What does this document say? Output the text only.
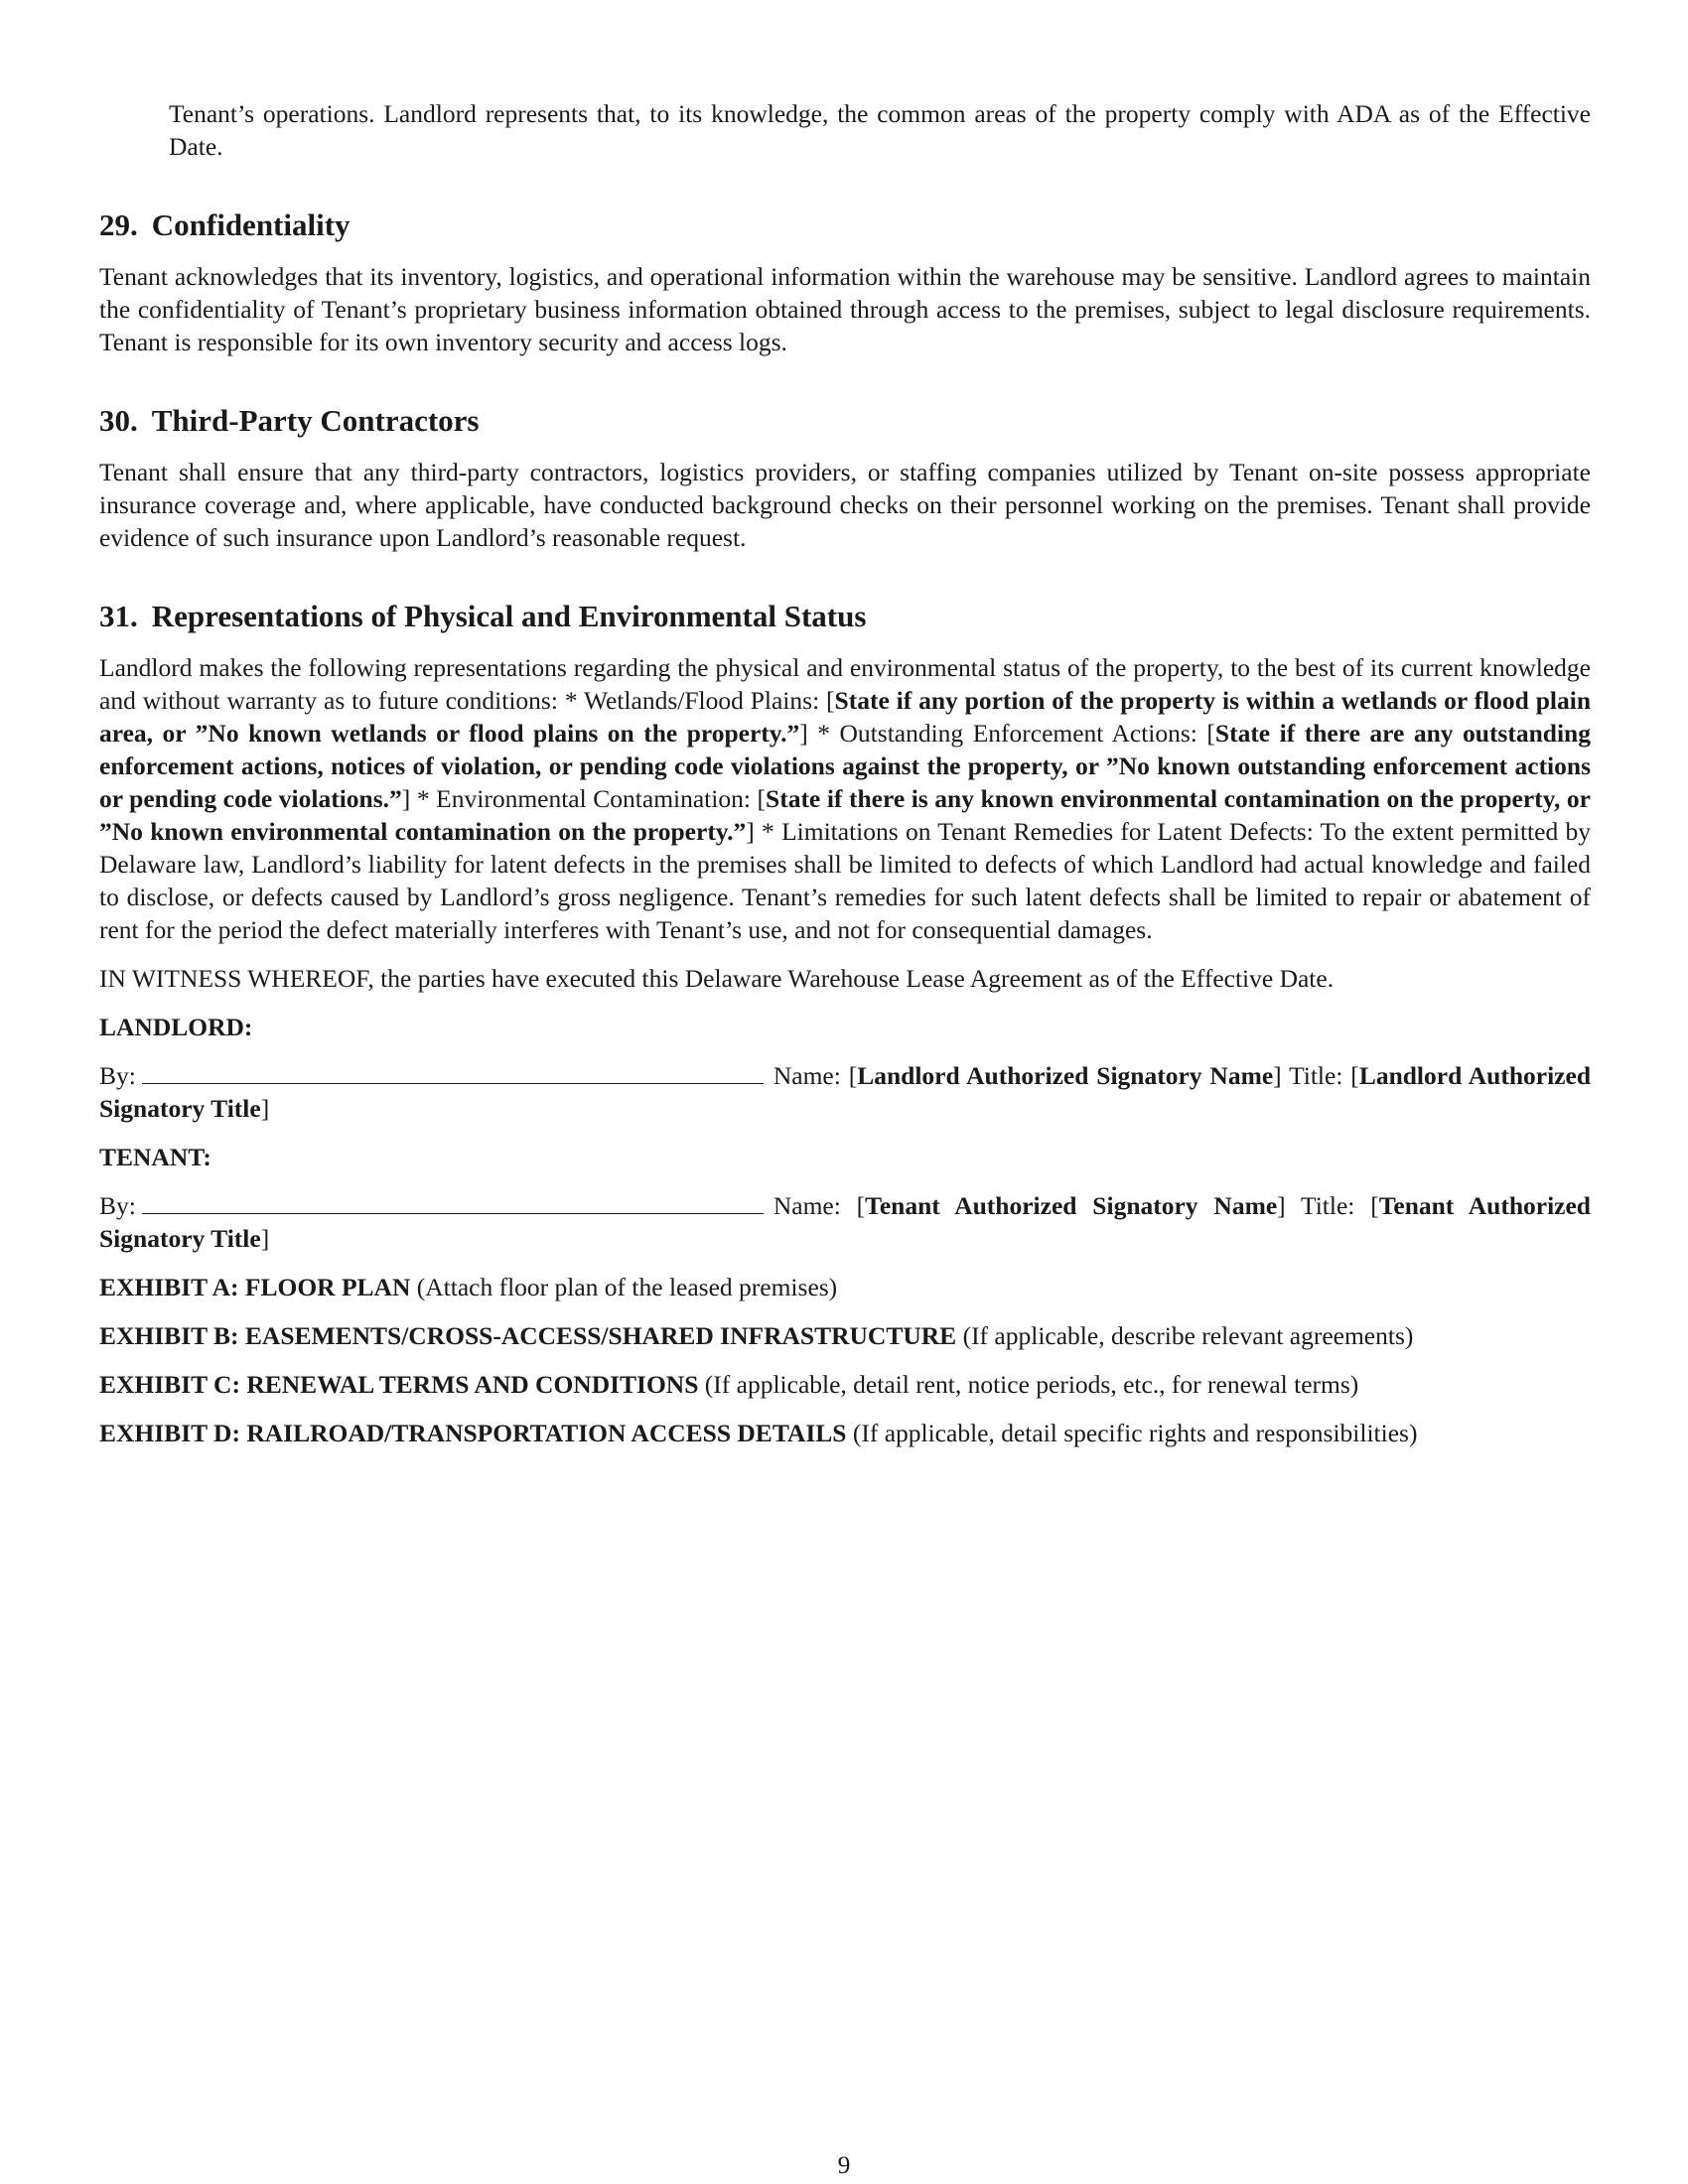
Tenant’s operations. Landlord represents that, to its knowledge, the common areas of the property comply with ADA as of the Effective Date.

29. Confidentiality

Tenant acknowledges that its inventory, logistics, and operational information within the warehouse may be sensitive. Landlord agrees to maintain the confidentiality of Tenant’s proprietary business information obtained through access to the premises, subject to legal disclosure requirements. Tenant is responsible for its own inventory security and access logs.

30. Third-Party Contractors

Tenant shall ensure that any third-party contractors, logistics providers, or staffing companies utilized by Tenant on-site possess appropriate insurance coverage and, where applicable, have conducted background checks on their personnel working on the premises. Tenant shall provide evidence of such insurance upon Landlord’s reasonable request.

31. Representations of Physical and Environmental Status

Landlord makes the following representations regarding the physical and environmental status of the property, to the best of its current knowledge and without warranty as to future conditions: * Wetlands/Flood Plains: [State if any portion of the property is within a wetlands or flood plain area, or ”No known wetlands or flood plains on the property.”] * Outstanding Enforcement Actions: [State if there are any outstanding enforcement actions, notices of violation, or pending code violations against the property, or ”No known outstanding enforcement actions or pending code violations.”] * Environmental Contamination: [State if there is any known environmental contamination on the property, or ”No known environmental contamination on the property.”] * Limitations on Tenant Remedies for Latent Defects: To the extent permitted by Delaware law, Landlord’s liability for latent defects in the premises shall be limited to defects of which Landlord had actual knowledge and failed to disclose, or defects caused by Landlord’s gross negligence. Tenant’s remedies for such latent defects shall be limited to repair or abatement of rent for the period the defect materially interferes with Tenant’s use, and not for consequential damages.

IN WITNESS WHEREOF, the parties have executed this Delaware Warehouse Lease Agreement as of the Effective Date.

LANDLORD:

By:	Name: [Landlord Authorized Signatory Name] Title: [Landlord Authorized Signatory Title]

TENANT:

By:	Name: [Tenant Authorized Signatory Name] Title: [Tenant Authorized Signatory Title]

EXHIBIT A: FLOOR PLAN (Attach floor plan of the leased premises)

EXHIBIT B: EASEMENTS/CROSS-ACCESS/SHARED INFRASTRUCTURE (If applicable, describe relevant agreements)

EXHIBIT C: RENEWAL TERMS AND CONDITIONS (If applicable, detail rent, notice periods, etc., for renewal terms)

EXHIBIT D: RAILROAD/TRANSPORTATION ACCESS DETAILS (If applicable, detail specific rights and responsibilities)

9
